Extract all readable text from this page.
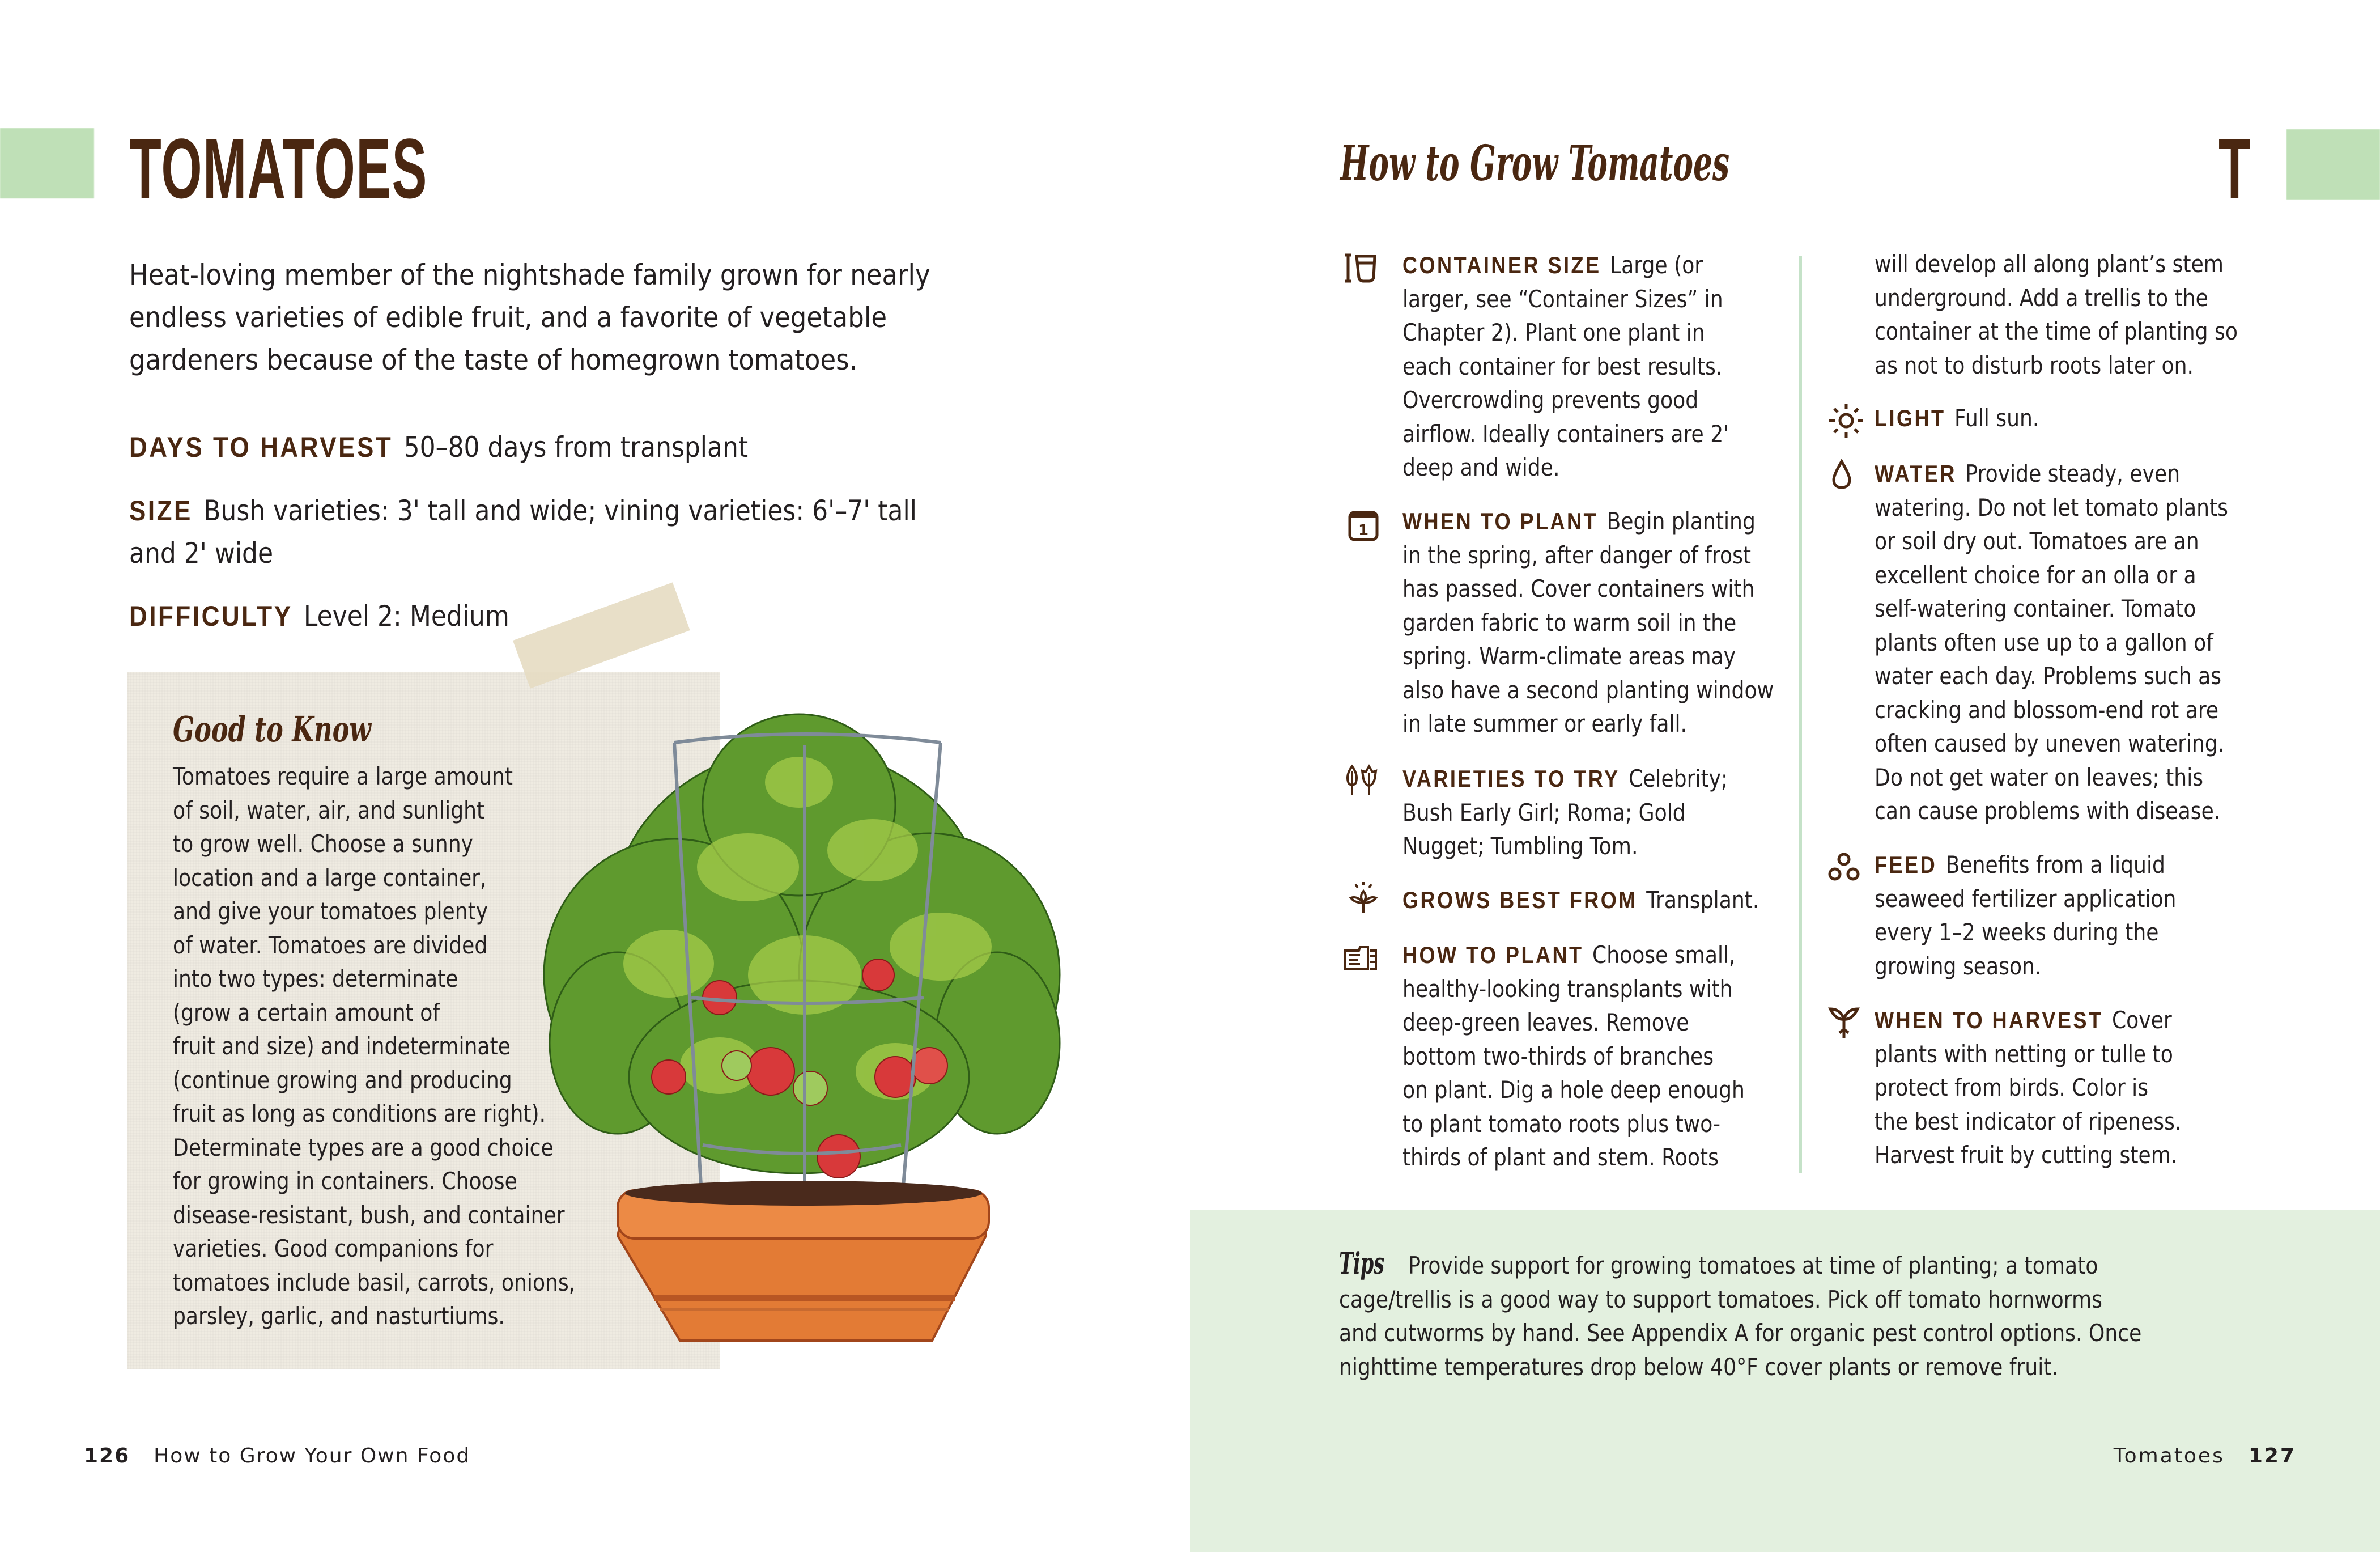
TOMATOES
Heat-loving member of the nightshade family grown for nearly
endless varieties of edible fruit, and a favorite of vegetable
gardeners because of the taste of homegrown tomatoes.
DAYS TO HARVEST 50–80 days from transplant
SIZE Bush varieties: 3' tall and wide; vining varieties: 6'–7' tall
and 2' wide
DIFFICULTY Level 2: Medium
Good to Know
Tomatoes require a large amount
of soil, water, air, and sunlight
to grow well. Choose a sunny
location and a large container,
and give your tomatoes plenty
of water. Tomatoes are divided
into two types: determinate
(grow a certain amount of
fruit and size) and indeterminate
(continue growing and producing
fruit as long as conditions are right).
Determinate types are a good choice
for growing in containers. Choose
disease-resistant, bush, and container
varieties. Good companions for
tomatoes include basil, carrots, onions,
parsley, garlic, and nasturtiums.
126 How to Grow Your Own Food
How to Grow Tomatoes	T
CONTAINER SIZE Large (or
larger, see “Container Sizes” in
Chapter 2). Plant one plant in
each container for best results.
Overcrowding prevents good
airflow. Ideally containers are 2'
deep and wide.
1 WHEN TO PLANT Begin planting
in the spring, after danger of frost
has passed. Cover containers with
garden fabric to warm soil in the
spring. Warm-climate areas may
also have a second planting window
in late summer or early fall.
VARIETIES TO TRY Celebrity;
Bush Early Girl; Roma; Gold
Nugget; Tumbling Tom.
GROWS BEST FROM Transplant.
HOW TO PLANT Choose small,
healthy-looking transplants with
deep-green leaves. Remove
bottom two-thirds of branches
on plant. Dig a hole deep enough
to plant tomato roots plus two-
thirds of plant and stem. Roots
will develop all along plant’s stem
underground. Add a trellis to the
container at the time of planting so
as not to disturb roots later on.
LIGHT Full sun.
WATER Provide steady, even
watering. Do not let tomato plants
or soil dry out. Tomatoes are an
excellent choice for an olla or a
self-watering container. Tomato
plants often use up to a gallon of
water each day. Problems such as
cracking and blossom-end rot are
often caused by uneven watering.
Do not get water on leaves; this
can cause problems with disease.
FEED Benefits from a liquid
seaweed fertilizer application
every 1–2 weeks during the
growing season.
WHEN TO HARVEST Cover
plants with netting or tulle to
protect from birds. Color is
the best indicator of ripeness.
Harvest fruit by cutting stem.
Tips Provide support for growing tomatoes at time of planting; a tomato
cage/trellis is a good way to support tomatoes. Pick off tomato hornworms
and cutworms by hand. See Appendix A for organic pest control options. Once
nighttime temperatures drop below 40°F cover plants or remove fruit.
Tomatoes 127
